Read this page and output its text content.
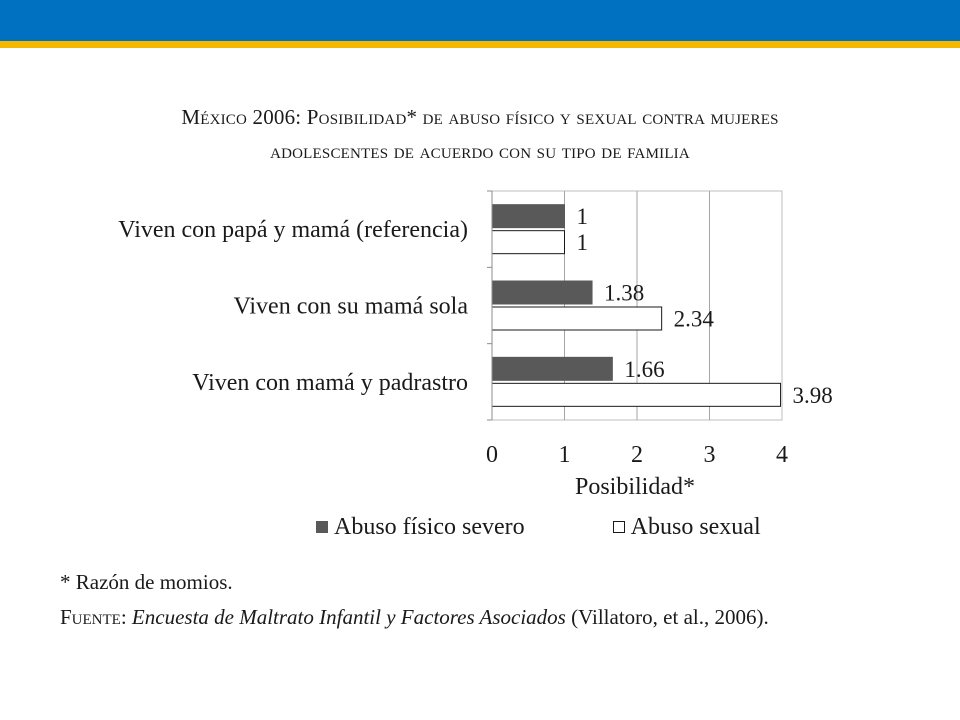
México 2006: Posibilidad* de abuso físico y sexual contra mujeres
adolescentes de acuerdo con su tipo de familia
0	1	2	3	4
Posibilidad*
1
1
Viven con papá y mamá (referencia)
1.38
2.34
Viven con su mamá sola
1.66
3.98
Viven con mamá y padrastro
Abuso físico severo
	Abuso sexual
* Razón de momios.
Fuente: Encuesta de Maltrato Infantil y Factores Asociados (Villatoro, et al., 2006).
